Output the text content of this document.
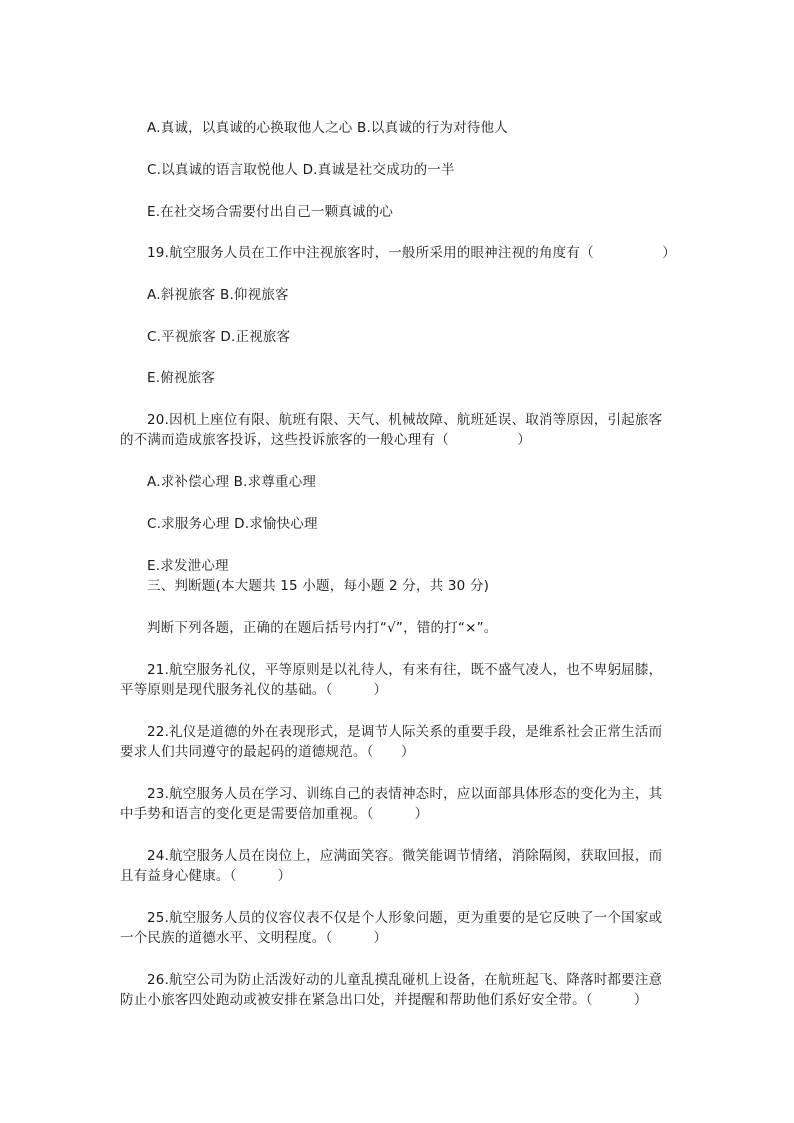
A.真诚，以真诚的心换取他人之心 B.以真诚的行为对待他人
C.以真诚的语言取悦他人 D.真诚是社交成功的一半
E.在社交场合需要付出自己一颗真诚的心
19.航空服务人员在工作中注视旅客时，一般所采用的眼神注视的角度有（　　　　　）
A.斜视旅客 B.仰视旅客
C.平视旅客 D.正视旅客
E.俯视旅客
20.因机上座位有限、航班有限、天气、机械故障、航班延误、取消等原因，引起旅客
的不满而造成旅客投诉，这些投诉旅客的一般心理有（　　　　　）
A.求补偿心理 B.求尊重心理
C.求服务心理 D.求愉快心理
E.求发泄心理
三、判断题(本大题共 15 小题，每小题 2 分，共 30 分)
判断下列各题，正确的在题后括号内打“√”，错的打“×”。
21.航空服务礼仪，平等原则是以礼待人，有来有往，既不盛气凌人，也不卑躬屈膝，
平等原则是现代服务礼仪的基础。（　　　）
22.礼仪是道德的外在表现形式，是调节人际关系的重要手段，是维系社会正常生活而
要求人们共同遵守的最起码的道德规范。（　　）
23.航空服务人员在学习、训练自己的表情神态时，应以面部具体形态的变化为主，其
中手势和语言的变化更是需要倍加重视。（　　　）
24.航空服务人员在岗位上，应满面笑容。微笑能调节情绪，消除隔阂，获取回报，而
且有益身心健康。（　　　）
25.航空服务人员的仪容仪表不仅是个人形象问题，更为重要的是它反映了一个国家或
一个民族的道德水平、文明程度。（　　　）
26.航空公司为防止活泼好动的儿童乱摸乱碰机上设备，在航班起飞、降落时都要注意
防止小旅客四处跑动或被安排在紧急出口处，并提醒和帮助他们系好安全带。（　　　）
